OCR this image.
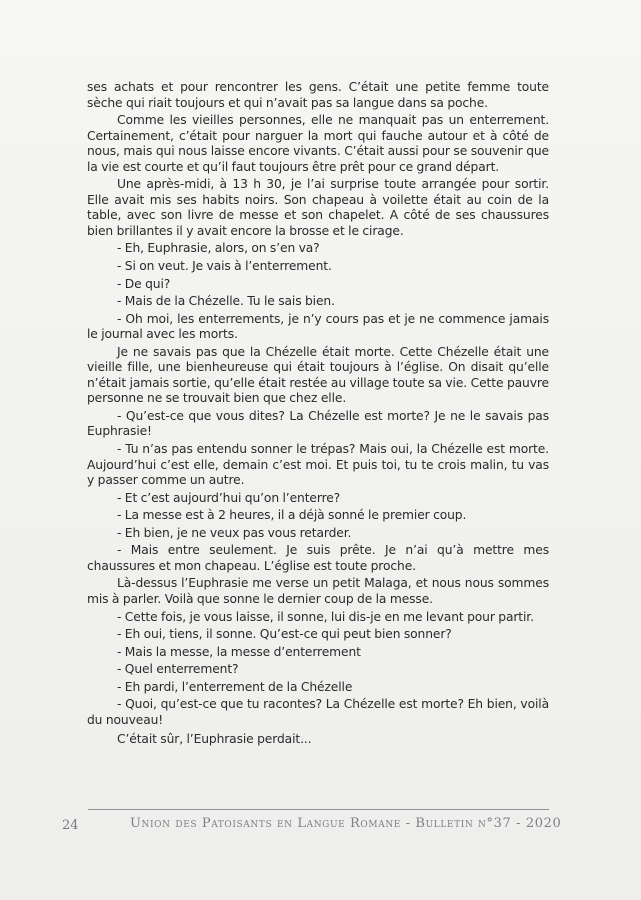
ses achats et pour rencontrer les gens. C’était une petite femme toute sèche qui riait toujours et qui n’avait pas sa langue dans sa poche.

Comme les vieilles personnes, elle ne manquait pas un enterrement. Certainement, c’était pour narguer la mort qui fauche autour et à côté de nous, mais qui nous laisse encore vivants. C’était aussi pour se souvenir que la vie est courte et qu’il faut toujours être prêt pour ce grand départ.

Une après-midi, à 13 h 30, je l’ai surprise toute arrangée pour sortir. Elle avait mis ses habits noirs. Son chapeau à voilette était au coin de la table, avec son livre de messe et son chapelet. A côté de ses chaussures bien brillantes il y avait encore la brosse et le cirage.

- Eh, Euphrasie, alors, on s’en va?

- Si on veut. Je vais à l’enterrement.

- De qui?

- Mais de la Chézelle. Tu le sais bien.

- Oh moi, les enterrements, je n’y cours pas et je ne commence jamais le journal avec les morts.

Je ne savais pas que la Chézelle était morte. Cette Chézelle était une vieille fille, une bienheureuse qui était toujours à l’église. On disait qu’elle n’était jamais sortie, qu’elle était restée au village toute sa vie. Cette pauvre personne ne se trouvait bien que chez elle.

- Qu’est-ce que vous dites? La Chézelle est morte? Je ne le savais pas Euphrasie!

- Tu n’as pas entendu sonner le trépas? Mais oui, la Chézelle est morte. Aujourd’hui c’est elle, demain c’est moi. Et puis toi, tu te crois malin, tu vas y passer comme un autre.

- Et c’est aujourd’hui qu’on l’enterre?

- La messe est à 2 heures, il a déjà sonné le premier coup.

- Eh bien, je ne veux pas vous retarder.

- Mais entre seulement. Je suis prête. Je n’ai qu’à mettre mes chaussures et mon chapeau. L’église est toute proche.

Là-dessus l’Euphrasie me verse un petit Malaga, et nous nous sommes mis à parler. Voilà que sonne le dernier coup de la messe.

- Cette fois, je vous laisse, il sonne, lui dis-je en me levant pour partir.

- Eh oui, tiens, il sonne. Qu’est-ce qui peut bien sonner?

- Mais la messe, la messe d’enterrement

- Quel enterrement?

- Eh pardi, l’enterrement de la Chézelle

- Quoi, qu’est-ce que tu racontes? La Chézelle est morte? Eh bien, voilà du nouveau!

C’était sûr, l’Euphrasie perdait...

24	Union des Patoisants en Langue Romane - Bulletin n°37 - 2020
